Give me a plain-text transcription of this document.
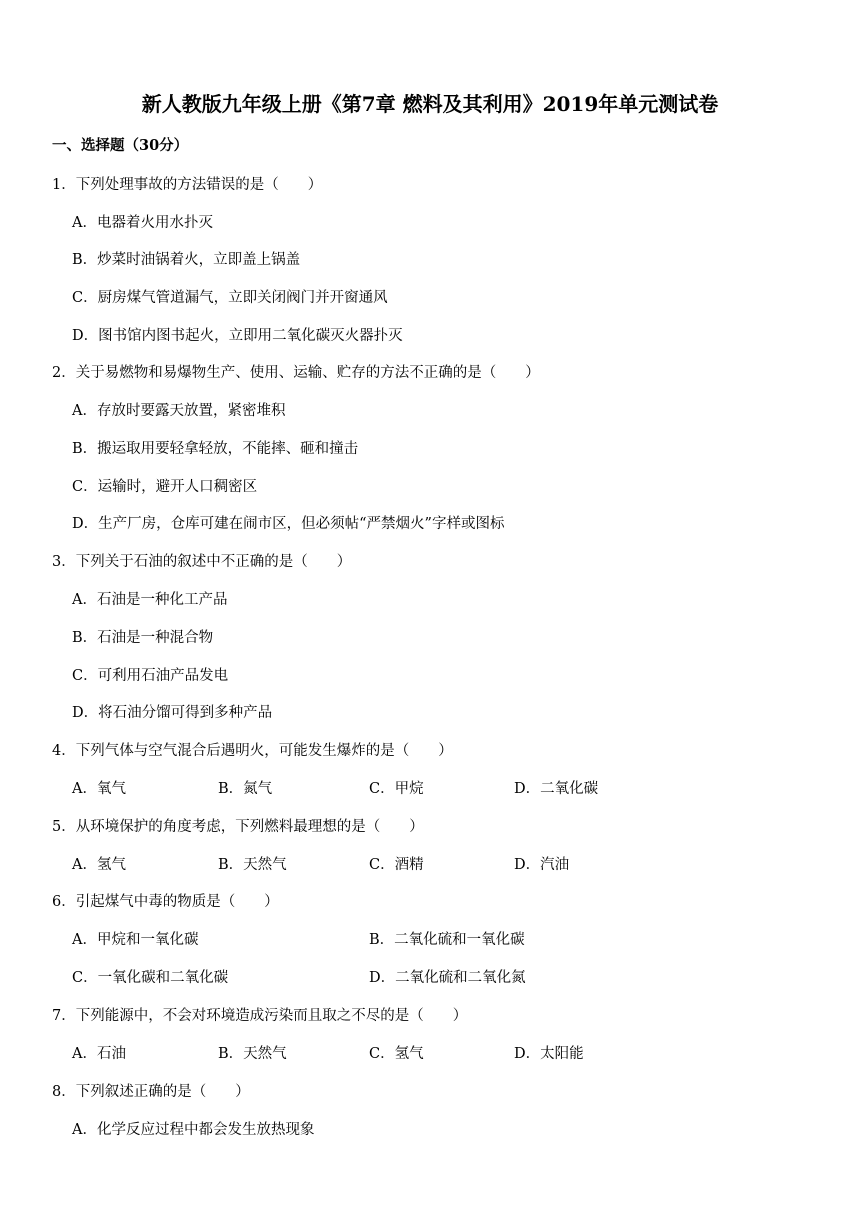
新人教版九年级上册《第7章 燃料及其利用》2019年单元测试卷
一、选择题（30分）
1．下列处理事故的方法错误的是（　　）
A．电器着火用水扑灭
B．炒菜时油锅着火，立即盖上锅盖
C．厨房煤气管道漏气，立即关闭阀门并开窗通风
D．图书馆内图书起火，立即用二氧化碳灭火器扑灭
2．关于易燃物和易爆物生产、使用、运输、贮存的方法不正确的是（　　）
A．存放时要露天放置，紧密堆积
B．搬运取用要轻拿轻放，不能摔、砸和撞击
C．运输时，避开人口稠密区
D．生产厂房，仓库可建在闹市区，但必须帖“严禁烟火”字样或图标
3．下列关于石油的叙述中不正确的是（　　）
A．石油是一种化工产品
B．石油是一种混合物
C．可利用石油产品发电
D．将石油分馏可得到多种产品
4．下列气体与空气混合后遇明火，可能发生爆炸的是（　　）
A．氧气	B．氮气	C．甲烷	D．二氧化碳
5．从环境保护的角度考虑，下列燃料最理想的是（　　）
A．氢气	B．天然气	C．酒精	D．汽油
6．引起煤气中毒的物质是（　　）
A．甲烷和一氧化碳	B．二氧化硫和一氧化碳
C．一氧化碳和二氧化碳	D．二氧化硫和二氧化氮
7．下列能源中，不会对环境造成污染而且取之不尽的是（　　）
A．石油	B．天然气	C．氢气	D．太阳能
8．下列叙述正确的是（　　）
A．化学反应过程中都会发生放热现象
